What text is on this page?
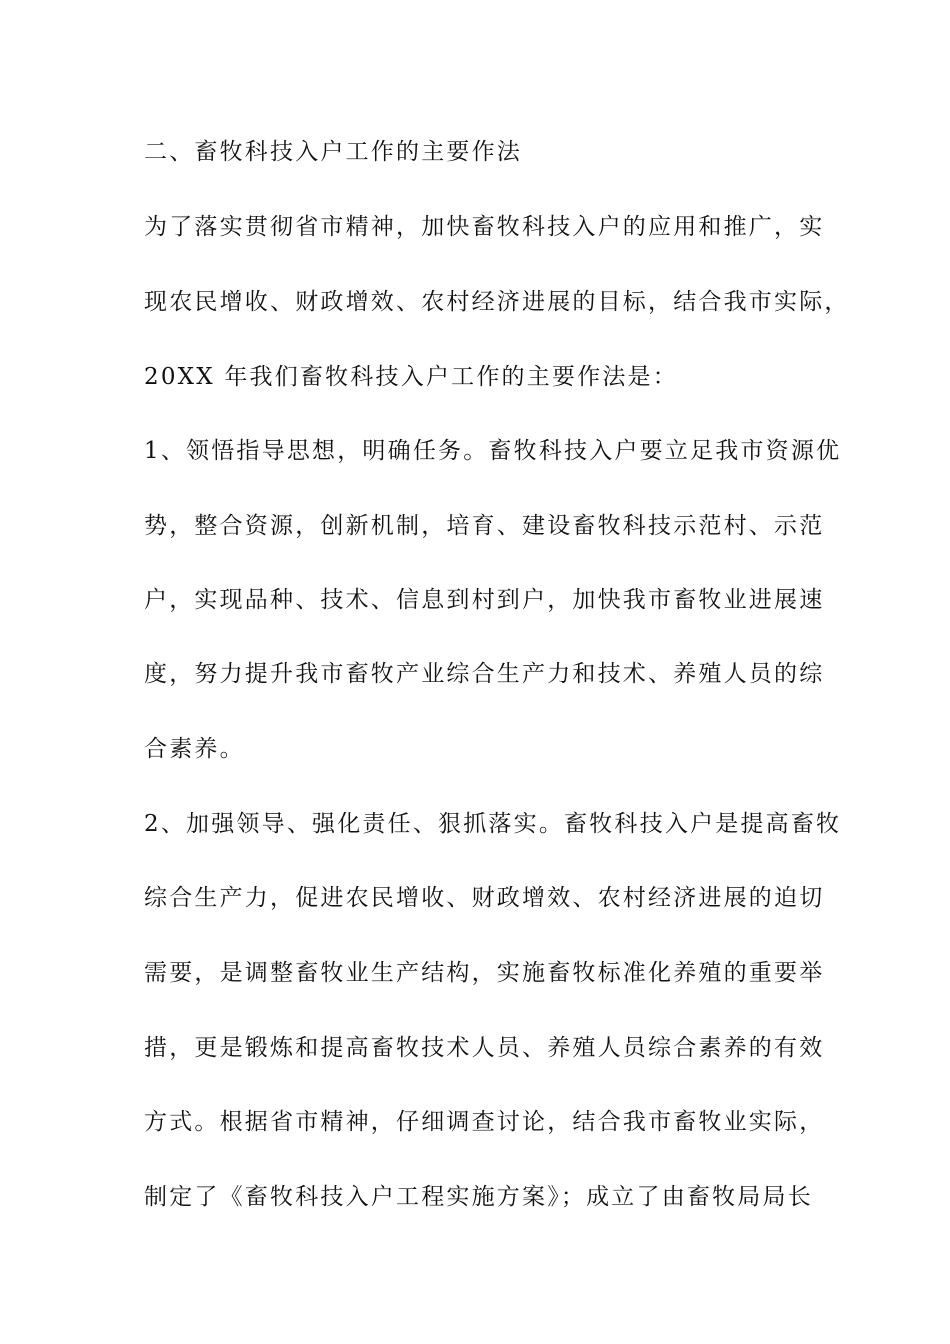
二、畜牧科技入户工作的主要作法
为了落实贯彻省市精神，加快畜牧科技入户的应用和推广，实
现农民增收、财政增效、农村经济进展的目标，结合我市实际，
20XX 年我们畜牧科技入户工作的主要作法是：
1、领悟指导思想，明确任务。畜牧科技入户要立足我市资源优
势，整合资源，创新机制，培育、建设畜牧科技示范村、示范
户，实现品种、技术、信息到村到户，加快我市畜牧业进展速
度，努力提升我市畜牧产业综合生产力和技术、养殖人员的综
合素养。
2、加强领导、强化责任、狠抓落实。畜牧科技入户是提高畜牧
综合生产力，促进农民增收、财政增效、农村经济进展的迫切
需要，是调整畜牧业生产结构，实施畜牧标准化养殖的重要举
措，更是锻炼和提高畜牧技术人员、养殖人员综合素养的有效
方式。根据省市精神，仔细调查讨论，结合我市畜牧业实际，
制定了《畜牧科技入户工程实施方案》；成立了由畜牧局局长
